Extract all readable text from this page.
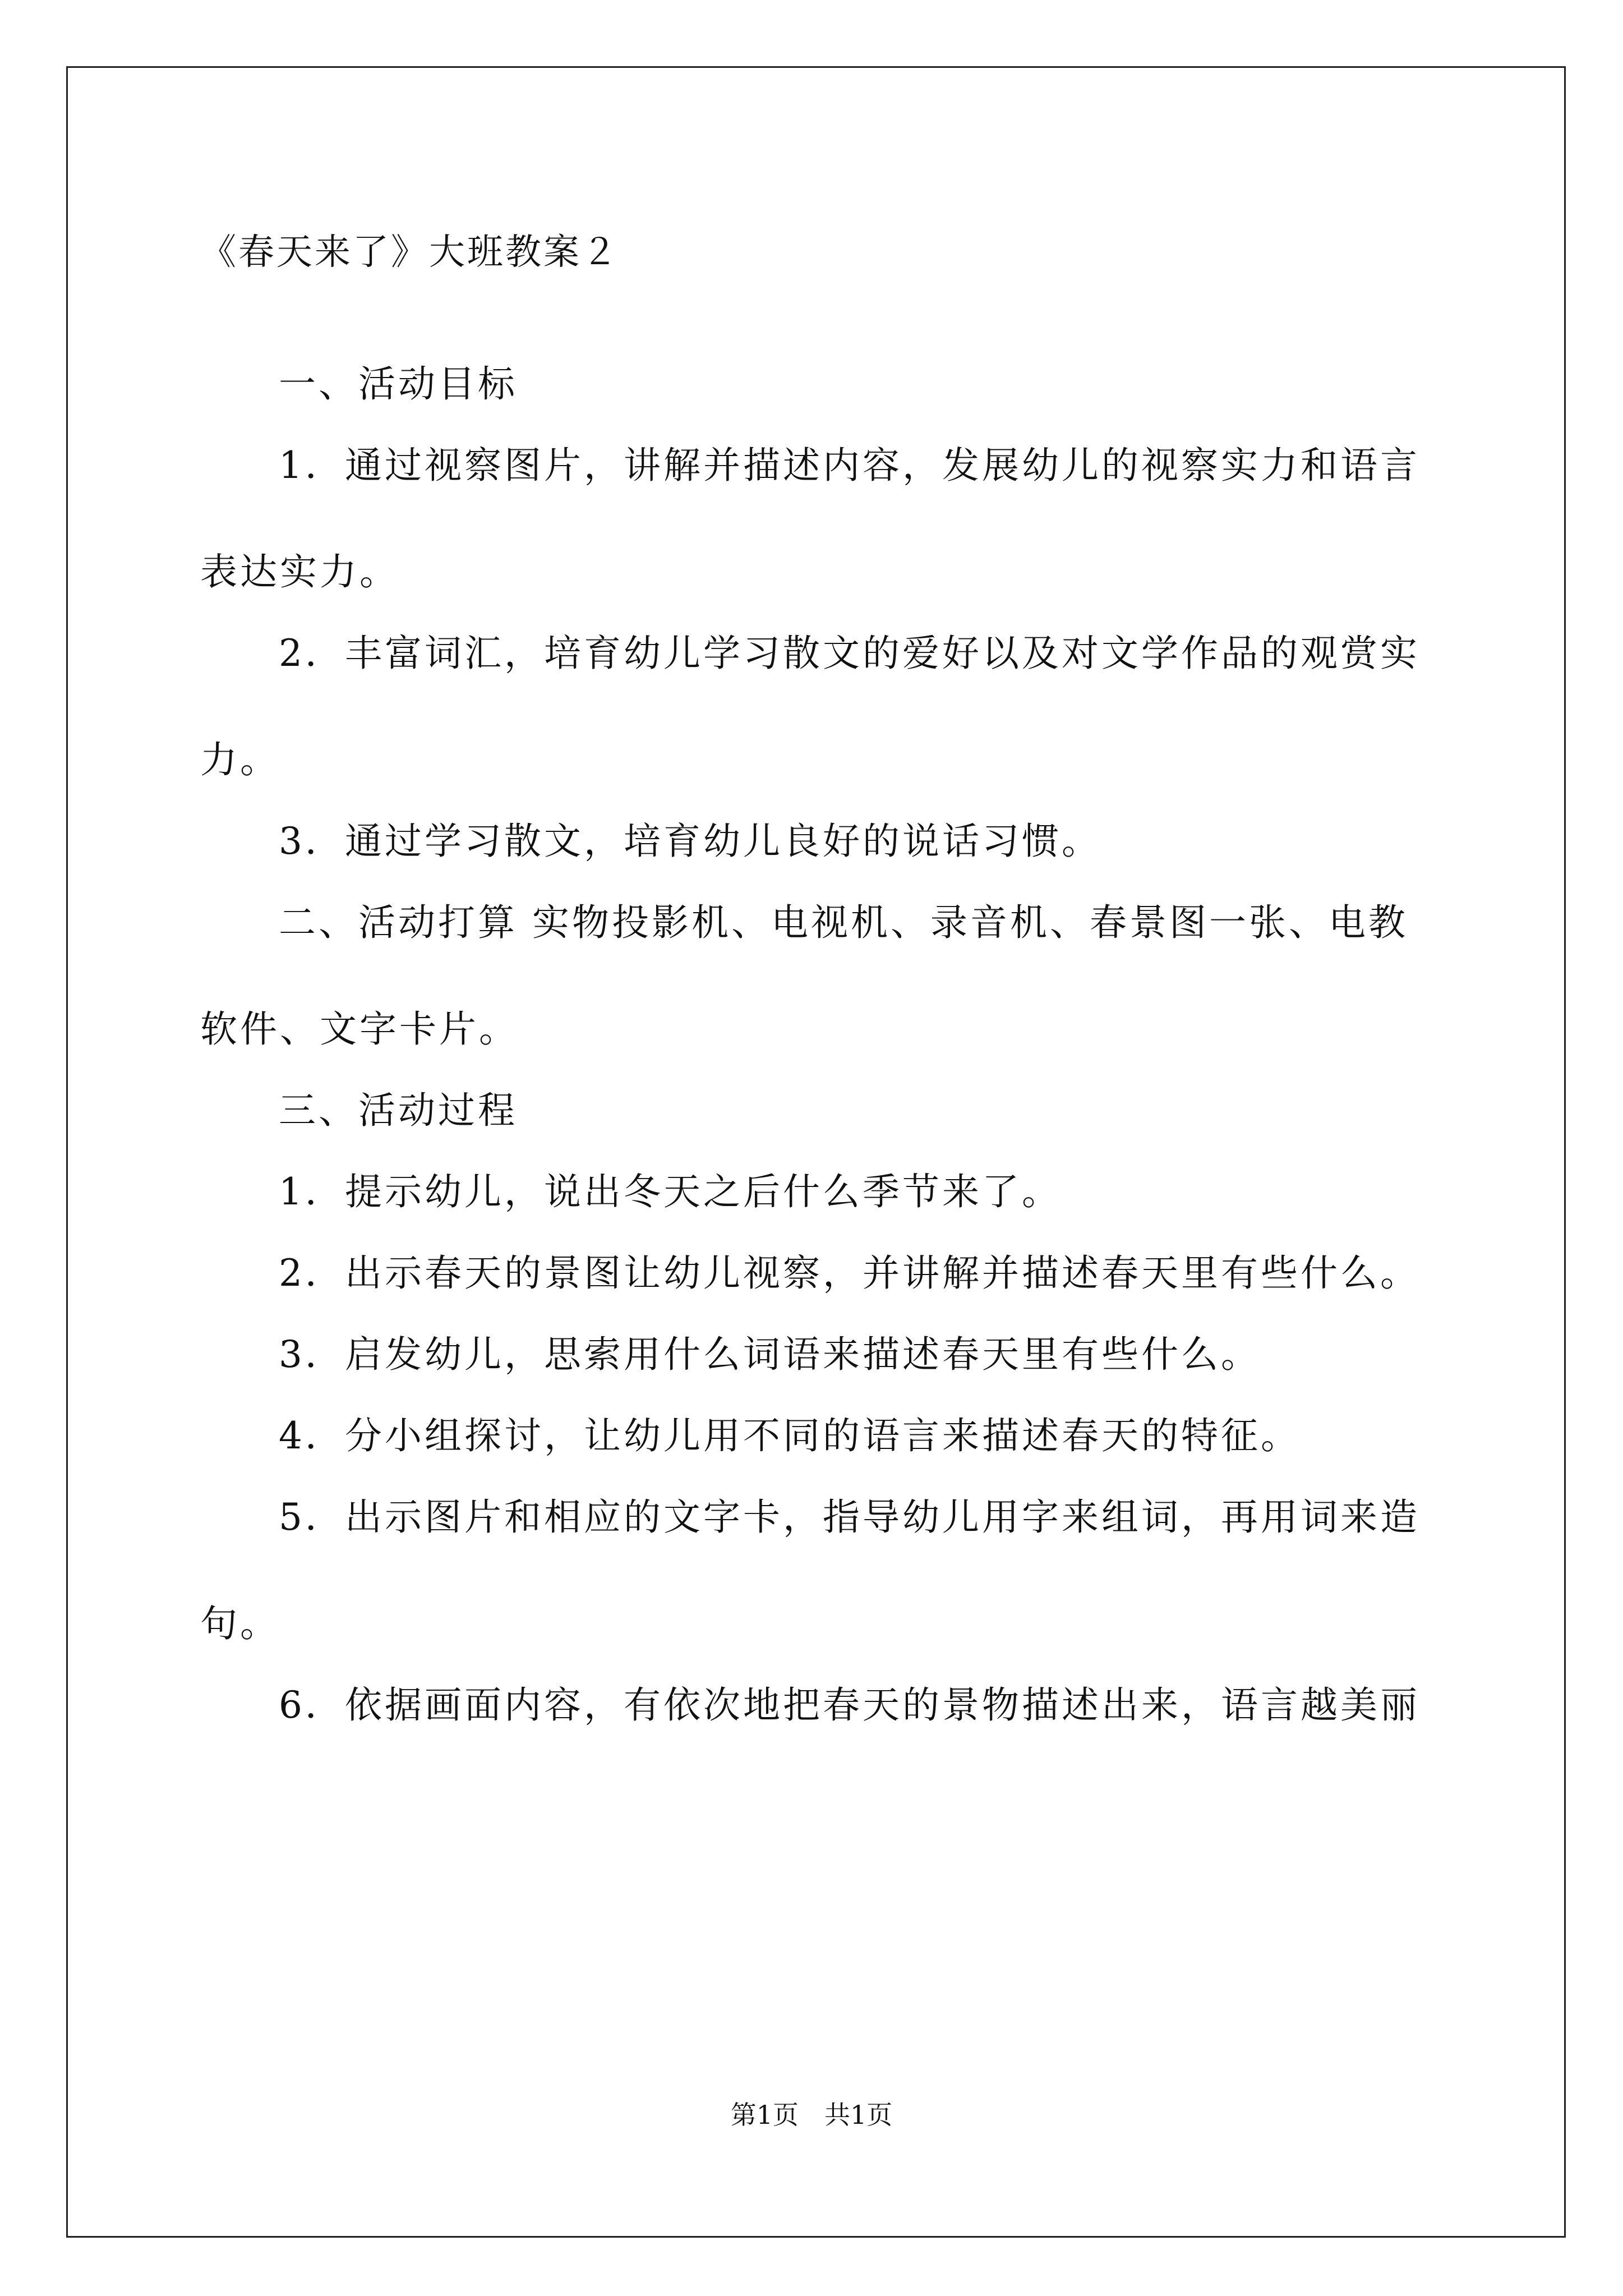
《春天来了》大班教案２

一、活动目标

1．通过视察图片，讲解并描述内容，发展幼儿的视察实力和语言表达实力。

2．丰富词汇，培育幼儿学习散文的爱好以及对文学作品的观赏实力。

3．通过学习散文，培育幼儿良好的说话习惯。

二、活动打算 实物投影机、电视机、录音机、春景图一张、电教软件、文字卡片。

三、活动过程

1．提示幼儿，说出冬天之后什么季节来了。

2．出示春天的景图让幼儿视察，并讲解并描述春天里有些什么。

3．启发幼儿，思索用什么词语来描述春天里有些什么。

4．分小组探讨，让幼儿用不同的语言来描述春天的特征。

5．出示图片和相应的文字卡，指导幼儿用字来组词，再用词来造句。

6．依据画面内容，有依次地把春天的景物描述出来，语言越美丽

第1页　共1页
